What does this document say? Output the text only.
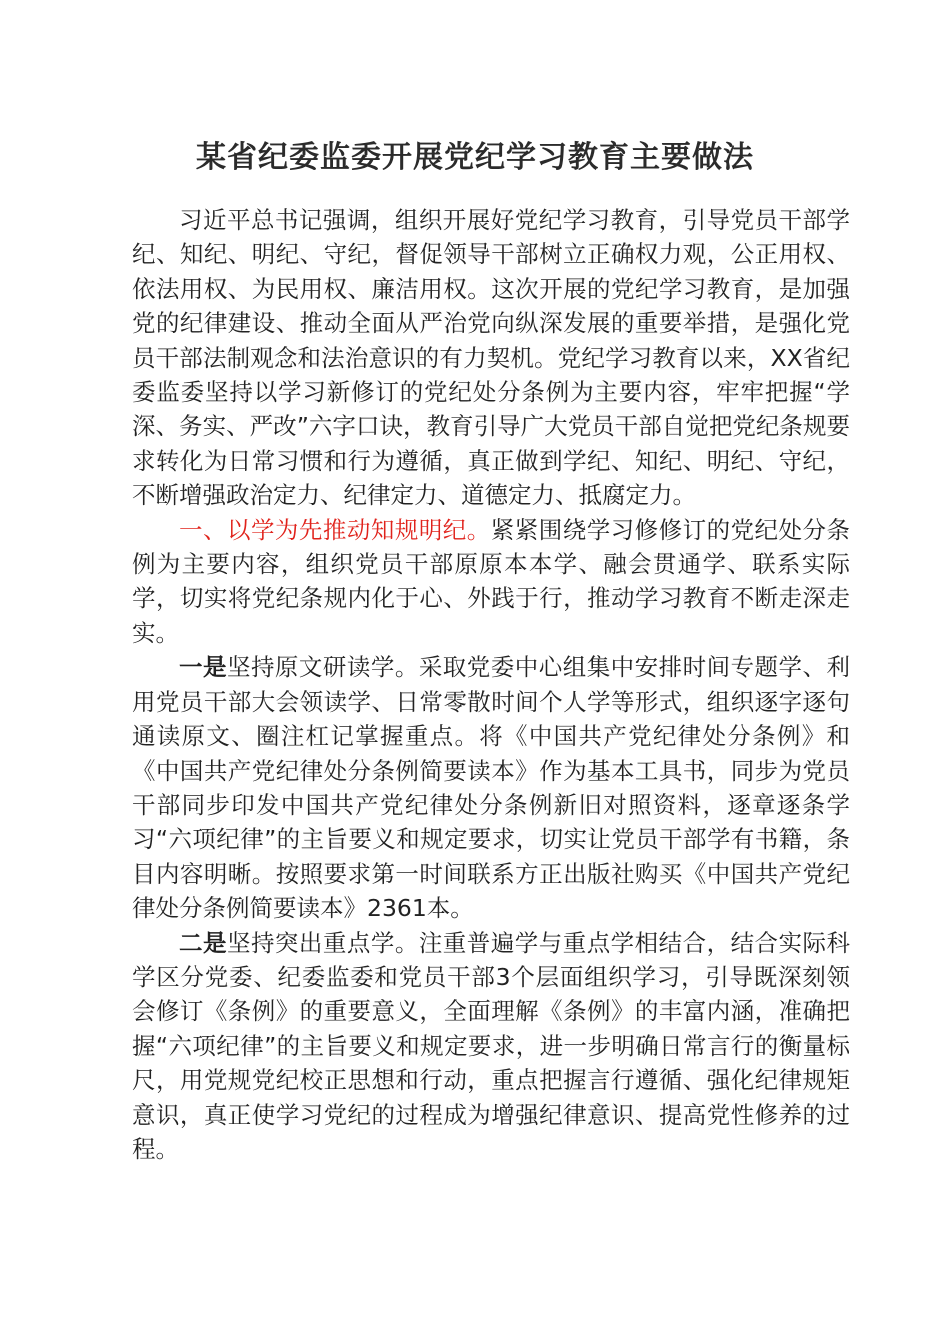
某省纪委监委开展党纪学习教育主要做法

习近平总书记强调，组织开展好党纪学习教育，引导党员干部学纪、知纪、明纪、守纪，督促领导干部树立正确权力观，公正用权、依法用权、为民用权、廉洁用权。这次开展的党纪学习教育，是加强党的纪律建设、推动全面从严治党向纵深发展的重要举措，是强化党员干部法制观念和法治意识的有力契机。党纪学习教育以来，XX省纪委监委坚持以学习新修订的党纪处分条例为主要内容，牢牢把握“学深、务实、严改”六字口诀，教育引导广大党员干部自觉把党纪条规要求转化为日常习惯和行为遵循，真正做到学纪、知纪、明纪、守纪，不断增强政治定力、纪律定力、道德定力、抵腐定力。

一、以学为先推动知规明纪。紧紧围绕学习修修订的党纪处分条例为主要内容，组织党员干部原原本本学、融会贯通学、联系实际学，切实将党纪条规内化于心、外践于行，推动学习教育不断走深走实。

一是坚持原文研读学。采取党委中心组集中安排时间专题学、利用党员干部大会领读学、日常零散时间个人学等形式，组织逐字逐句通读原文、圈注杠记掌握重点。将《中国共产党纪律处分条例》和《中国共产党纪律处分条例简要读本》作为基本工具书，同步为党员干部同步印发中国共产党纪律处分条例新旧对照资料，逐章逐条学习“六项纪律”的主旨要义和规定要求，切实让党员干部学有书籍，条目内容明晰。按照要求第一时间联系方正出版社购买《中国共产党纪律处分条例简要读本》2361本。

二是坚持突出重点学。注重普遍学与重点学相结合，结合实际科学区分党委、纪委监委和党员干部3个层面组织学习，引导既深刻领会修订《条例》的重要意义，全面理解《条例》的丰富内涵，准确把握“六项纪律”的主旨要义和规定要求，进一步明确日常言行的衡量标尺，用党规党纪校正思想和行动，重点把握言行遵循、强化纪律规矩意识，真正使学习党纪的过程成为增强纪律意识、提高党性修养的过程。
